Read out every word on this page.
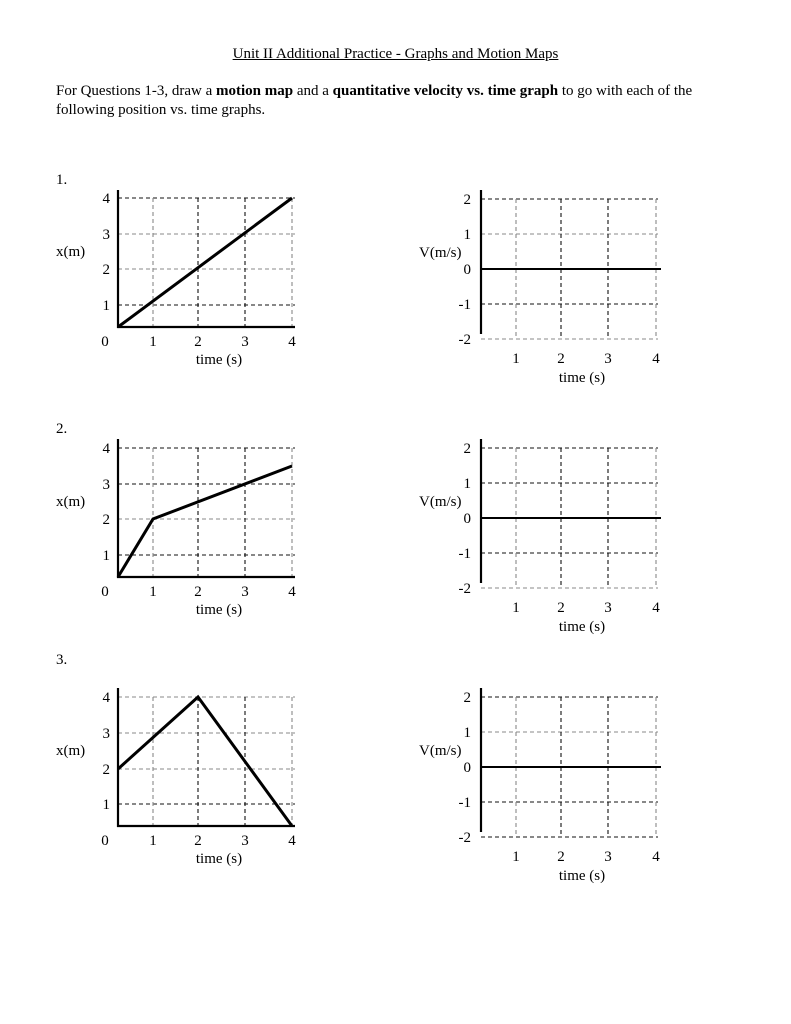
Unit II Additional Practice - Graphs and Motion Maps
For Questions 1-3, draw a motion map and a quantitative velocity vs. time graph to go with each of the following position vs. time graphs.
1.
2.
3.
1
2
3
4
0	1	2	3	4
x(m)
time (s)
1
2
3
4
0	1	2	3	4
x(m)
time (s)
1
2
3
4
0	1	2	3	4
x(m)
time (s)
2
1
0
-1
-2
1	2	3	4
V(m/s)
time (s)
2
1
0
-1
-2
1	2	3	4
V(m/s)
time (s)
2
1
0
-1
-2
1	2	3	4
V(m/s)
time (s)
